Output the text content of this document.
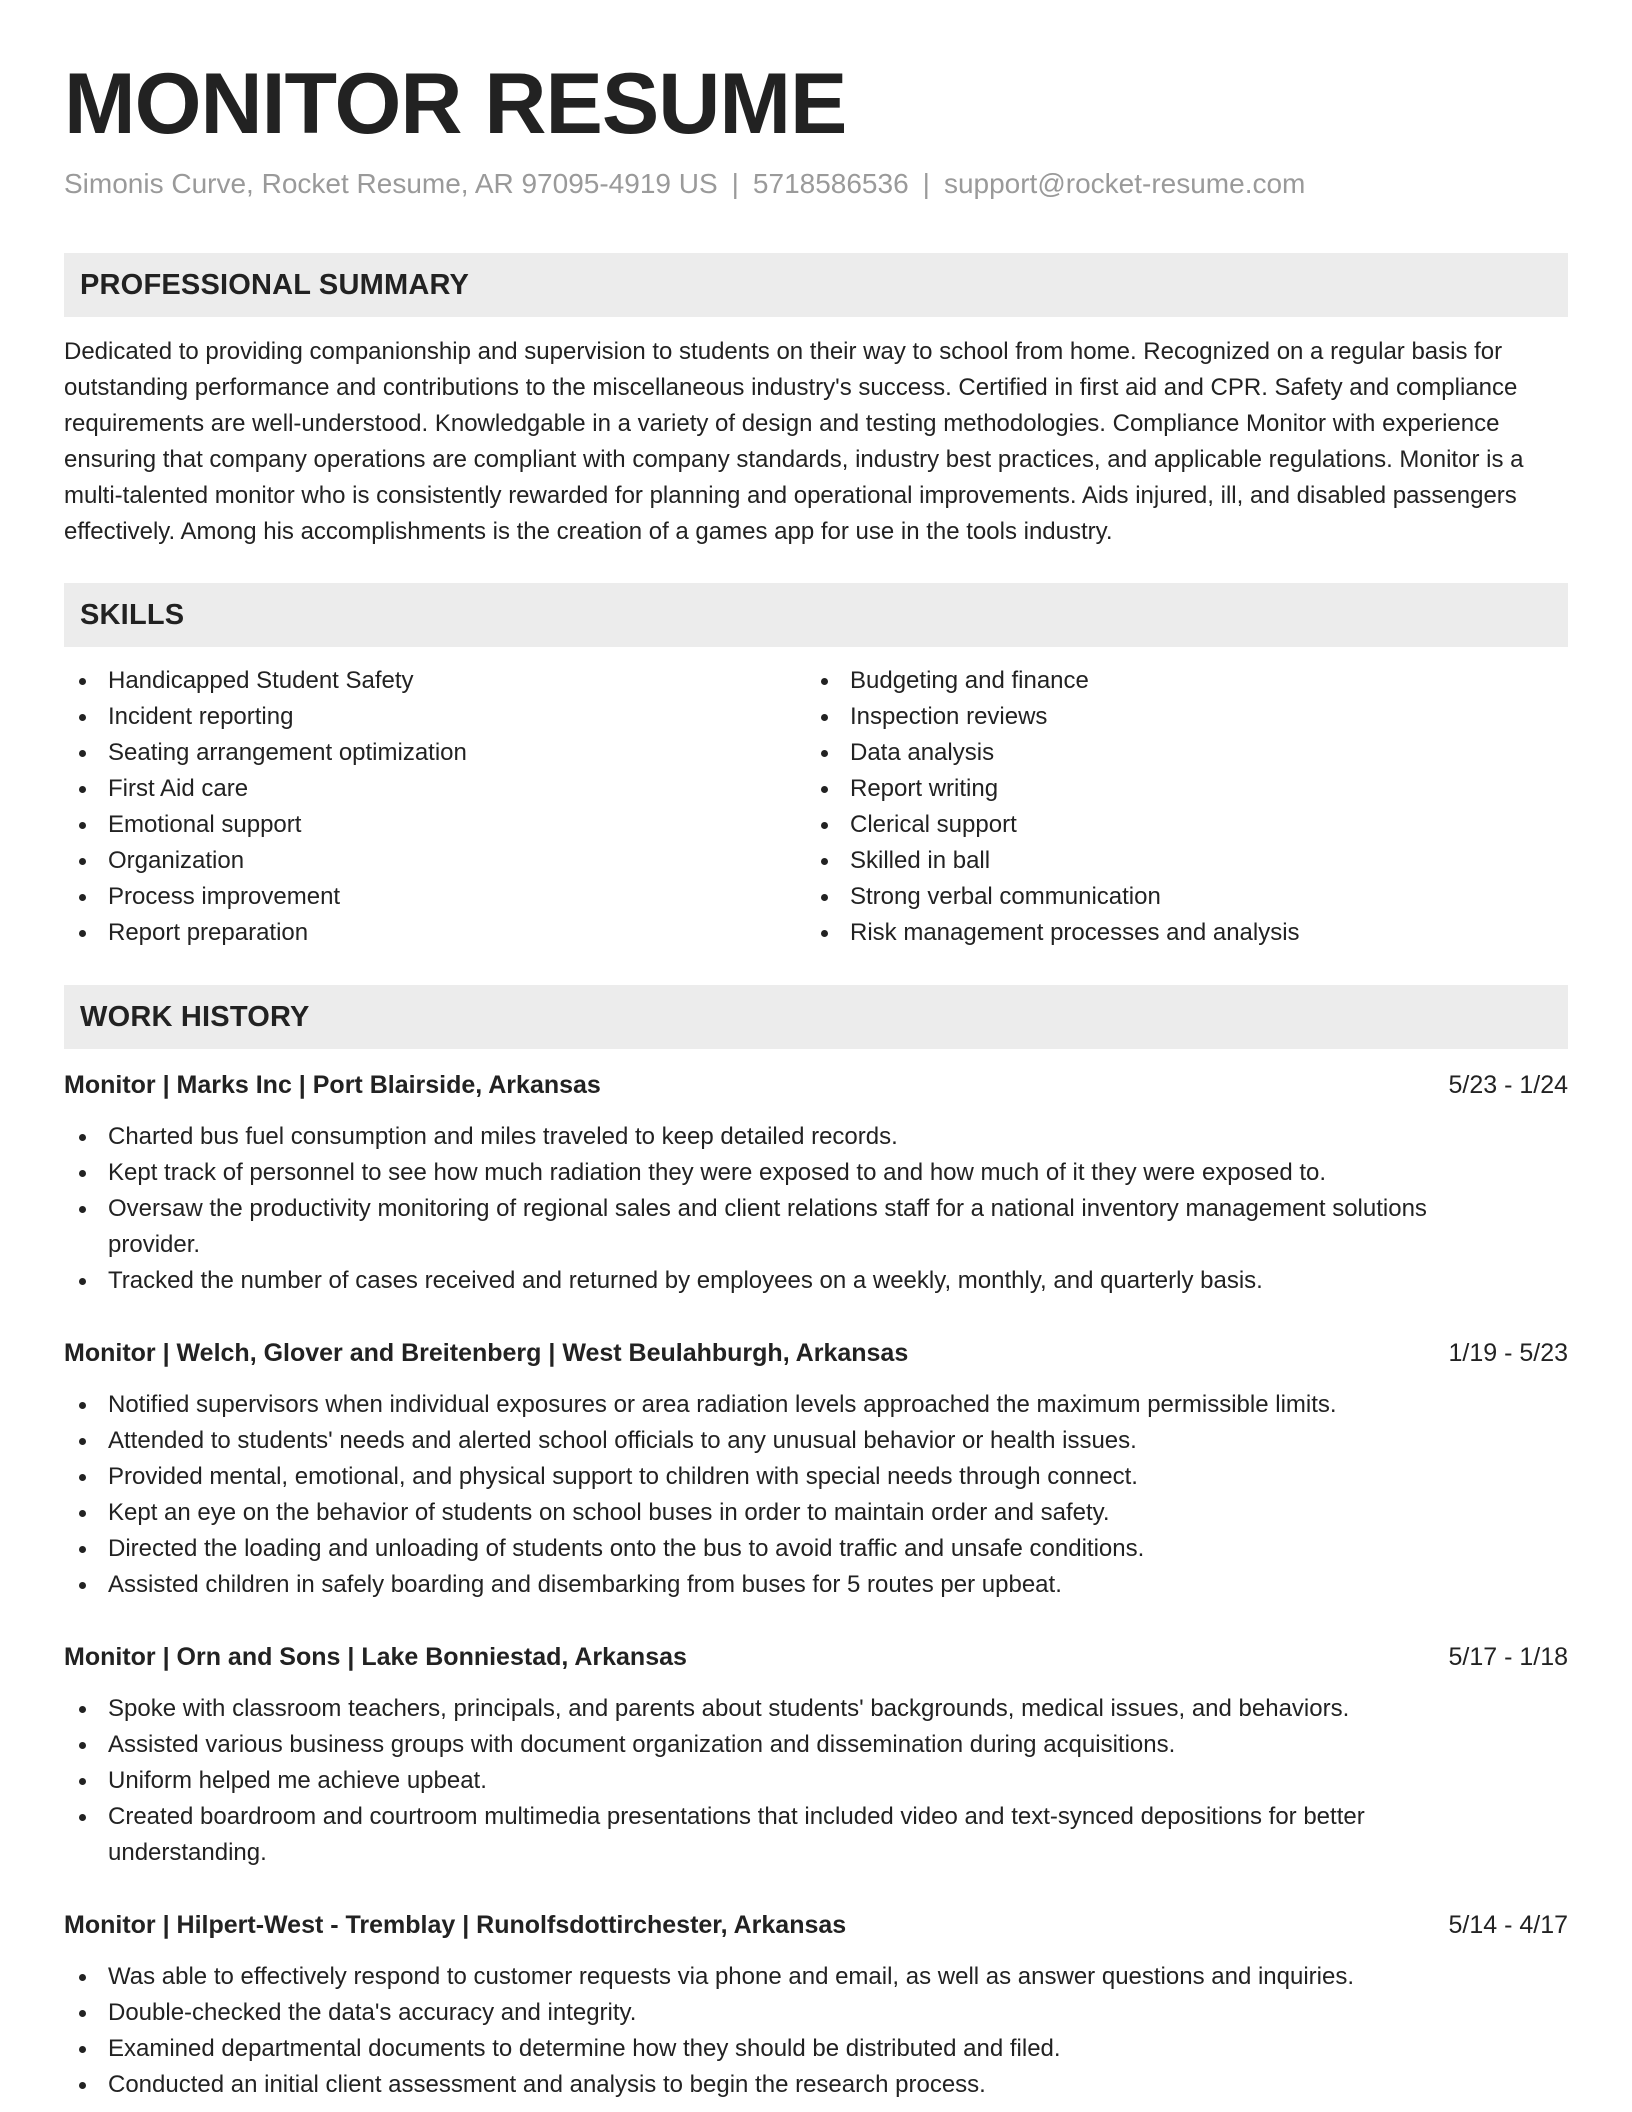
MONITOR RESUME
Simonis Curve, Rocket Resume, AR 97095-4919 US | 5718586536 | support@rocket-resume.com
PROFESSIONAL SUMMARY

Dedicated to providing companionship and supervision to students on their way to school from home. Recognized on a regular basis for outstanding performance and contributions to the miscellaneous industry's success. Certified in first aid and CPR. Safety and compliance requirements are well-understood. Knowledgable in a variety of design and testing methodologies. Compliance Monitor with experience ensuring that company operations are compliant with company standards, industry best practices, and applicable regulations. Monitor is a multi-talented monitor who is consistently rewarded for planning and operational improvements. Aids injured, ill, and disabled passengers effectively. Among his accomplishments is the creation of a games app for use in the tools industry.

SKILLS
Handicapped Student Safety
Incident reporting
Seating arrangement optimization
First Aid care
Emotional support
Organization
Process improvement
Report preparation
Budgeting and finance
Inspection reviews
Data analysis
Report writing
Clerical support
Skilled in ball
Strong verbal communication
Risk management processes and analysis
WORK HISTORY
Monitor | Marks Inc | Port Blairside, Arkansas	5/23 - 1/24
Charted bus fuel consumption and miles traveled to keep detailed records.
Kept track of personnel to see how much radiation they were exposed to and how much of it they were exposed to.
Oversaw the productivity monitoring of regional sales and client relations staff for a national inventory management solutions provider.
Tracked the number of cases received and returned by employees on a weekly, monthly, and quarterly basis.
Monitor | Welch, Glover and Breitenberg | West Beulahburgh, Arkansas	1/19 - 5/23
Notified supervisors when individual exposures or area radiation levels approached the maximum permissible limits.
Attended to students' needs and alerted school officials to any unusual behavior or health issues.
Provided mental, emotional, and physical support to children with special needs through connect.
Kept an eye on the behavior of students on school buses in order to maintain order and safety.
Directed the loading and unloading of students onto the bus to avoid traffic and unsafe conditions.
Assisted children in safely boarding and disembarking from buses for 5 routes per upbeat.
Monitor | Orn and Sons | Lake Bonniestad, Arkansas	5/17 - 1/18
Spoke with classroom teachers, principals, and parents about students' backgrounds, medical issues, and behaviors.
Assisted various business groups with document organization and dissemination during acquisitions.
Uniform helped me achieve upbeat.
Created boardroom and courtroom multimedia presentations that included video and text-synced depositions for better understanding.
Monitor | Hilpert-West - Tremblay | Runolfsdottirchester, Arkansas	5/14 - 4/17
Was able to effectively respond to customer requests via phone and email, as well as answer questions and inquiries.
Double-checked the data's accuracy and integrity.
Examined departmental documents to determine how they should be distributed and filed.
Conducted an initial client assessment and analysis to begin the research process.
